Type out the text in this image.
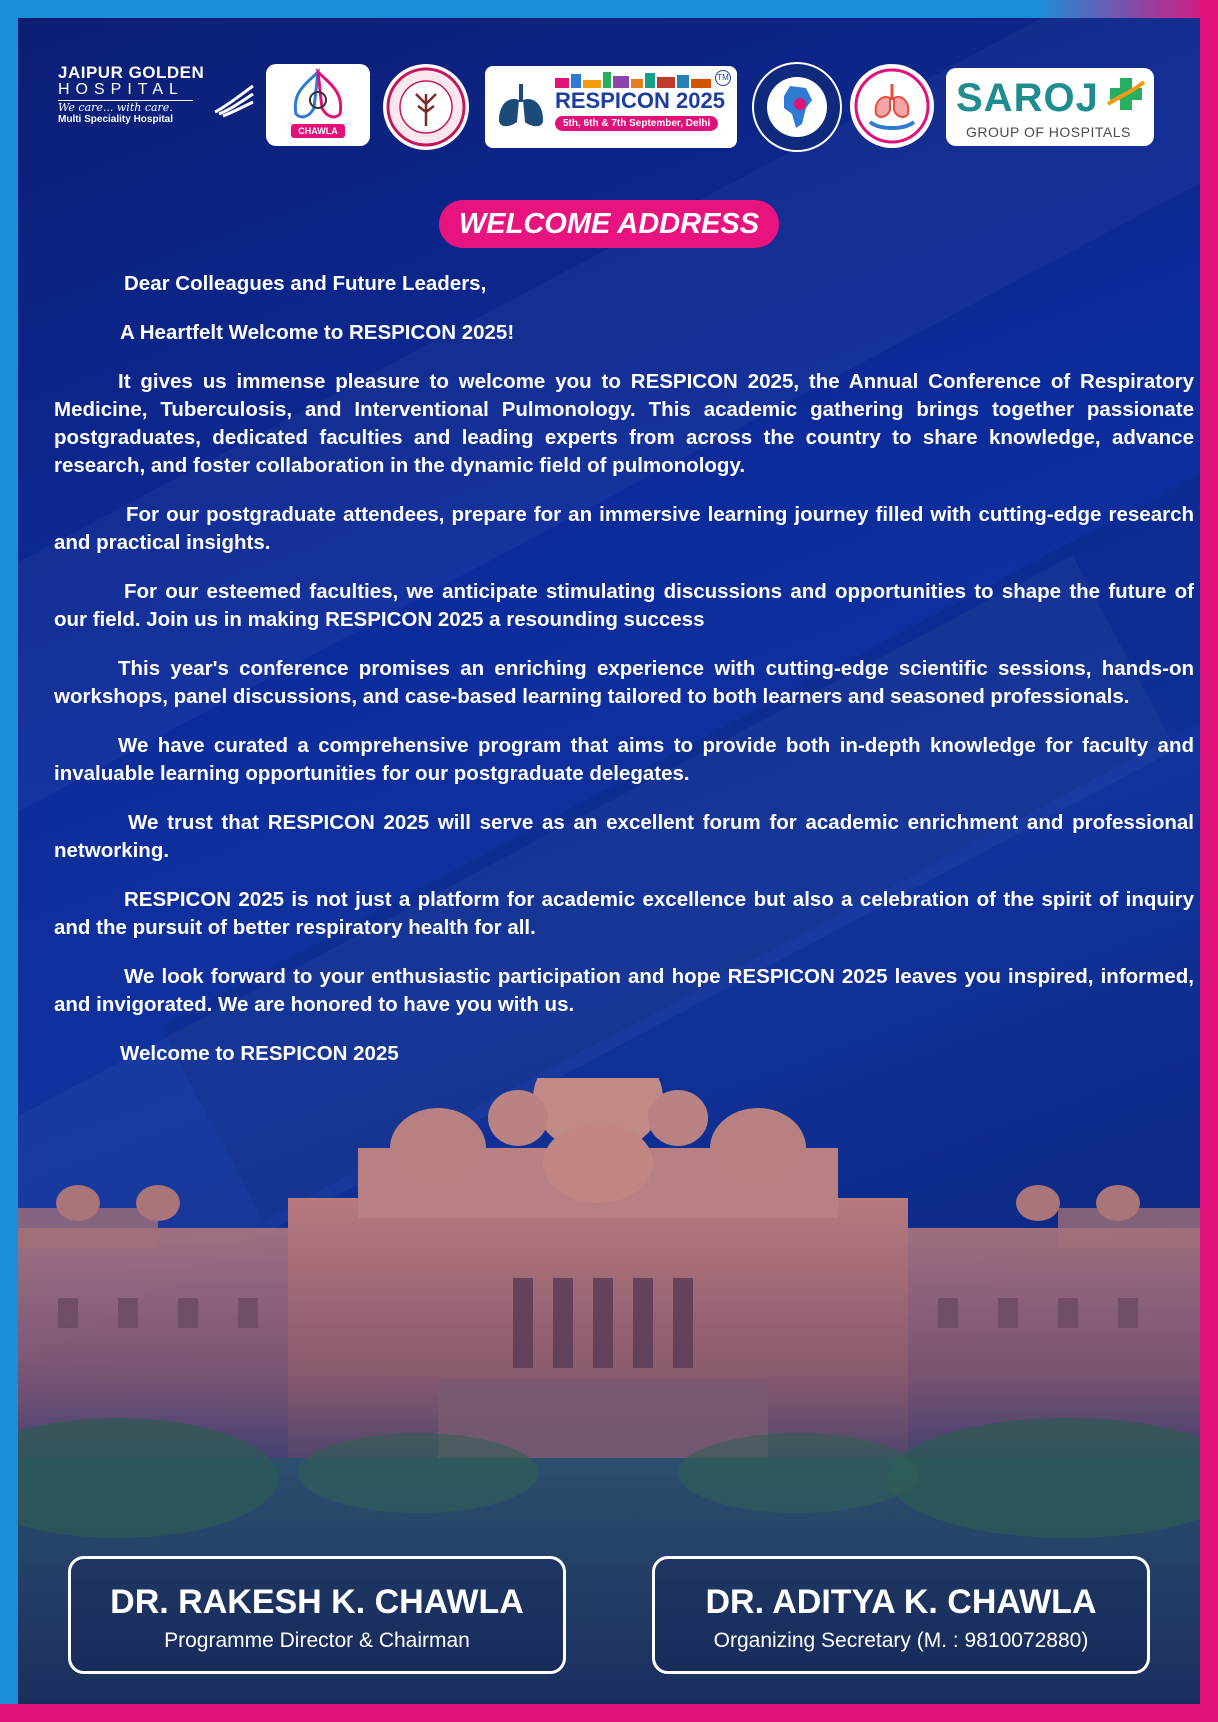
JAIPUR GOLDEN
HOSPITAL
We care... with care.
Multi Speciality Hospital
CHAWLA
RESPICON 2025
5th, 6th & 7th September, Delhi
TM	SAROJ
GROUP OF HOSPITALS
WELCOME ADDRESS

Dear Colleagues and Future Leaders,

A Heartfelt Welcome to RESPICON 2025!

It gives us immense pleasure to welcome you to RESPICON 2025, the Annual Conference of Respiratory Medicine, Tuberculosis, and Interventional Pulmonology. This academic gathering brings together passionate postgraduates, dedicated faculties and leading experts from across the country to share knowledge, advance research, and foster collaboration in the dynamic field of pulmonology.

For our postgraduate attendees, prepare for an immersive learning journey filled with cutting-edge research and practical insights.

For our esteemed faculties, we anticipate stimulating discussions and opportunities to shape the future of our field. Join us in making RESPICON 2025 a resounding success

This year's conference promises an enriching experience with cutting-edge scientific sessions, hands-on workshops, panel discussions, and case-based learning tailored to both learners and seasoned professionals.

We have curated a comprehensive program that aims to provide both in-depth knowledge for faculty and invaluable learning opportunities for our postgraduate delegates.

We trust that RESPICON 2025 will serve as an excellent forum for academic enrichment and professional networking.

RESPICON 2025 is not just a platform for academic excellence but also a celebration of the spirit of inquiry and the pursuit of better respiratory health for all.

We look forward to your enthusiastic participation and hope RESPICON 2025 leaves you inspired, informed, and invigorated. We are honored to have you with us.

Welcome to RESPICON 2025

DR. RAKESH K. CHAWLA
Programme Director & Chairman
DR. ADITYA K. CHAWLA
Organizing Secretary (M. : 9810072880)
